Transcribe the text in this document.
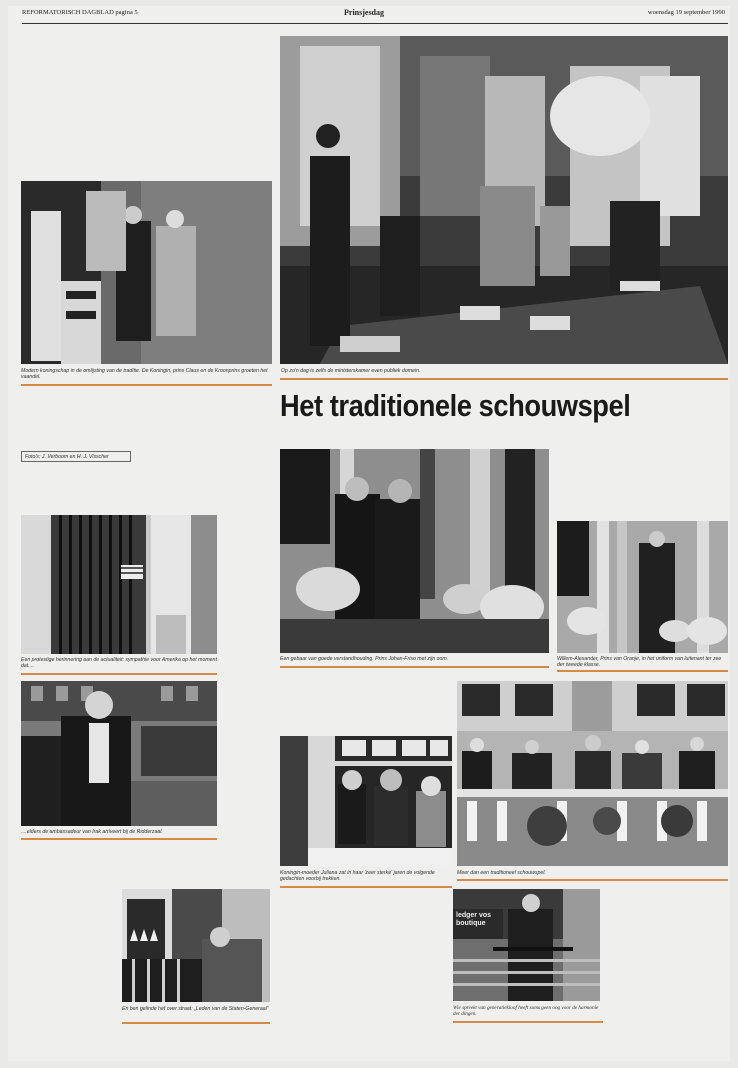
REFORMATORISCH DAGBLAD pagina 5	Prinsjesdag	woensdag 19 september 1990
Op zo'n dag is zelfs de ministerskamer even publiek domein.
Modern koningschap in de omlijsting van de traditie. De Koningin, prins Claus en de Kroonprins groeten het vaandel.
Het traditionele schouwspel
Foto's: J. Verboom en H. J. Visscher
Een gebaar van goede verstandhouding. Prins Johan-Friso met zijn oom.	Willem-Alexander, Prins van Oranje, in het uniform van luitenant ter zee der tweede klasse.
Een protestige herinnering aan de actualiteit: sympathie voor Amerika op het moment dat....
....elders de ambassadeur van Irak arriveert bij de Ridderzaal.
Koningin-moeder Juliana zat in haar 'zeer sterke' jaren de volgende gedachten voorbij trekken.
Meer dan een traditioneel schouwspel.
En ben gelinde het over straat: „Leden van de Staten-Generaal"
ledger vos boutique
Wie spreekt van generatiekloof heeft soms geen oog voor de harmonie der dingen.
